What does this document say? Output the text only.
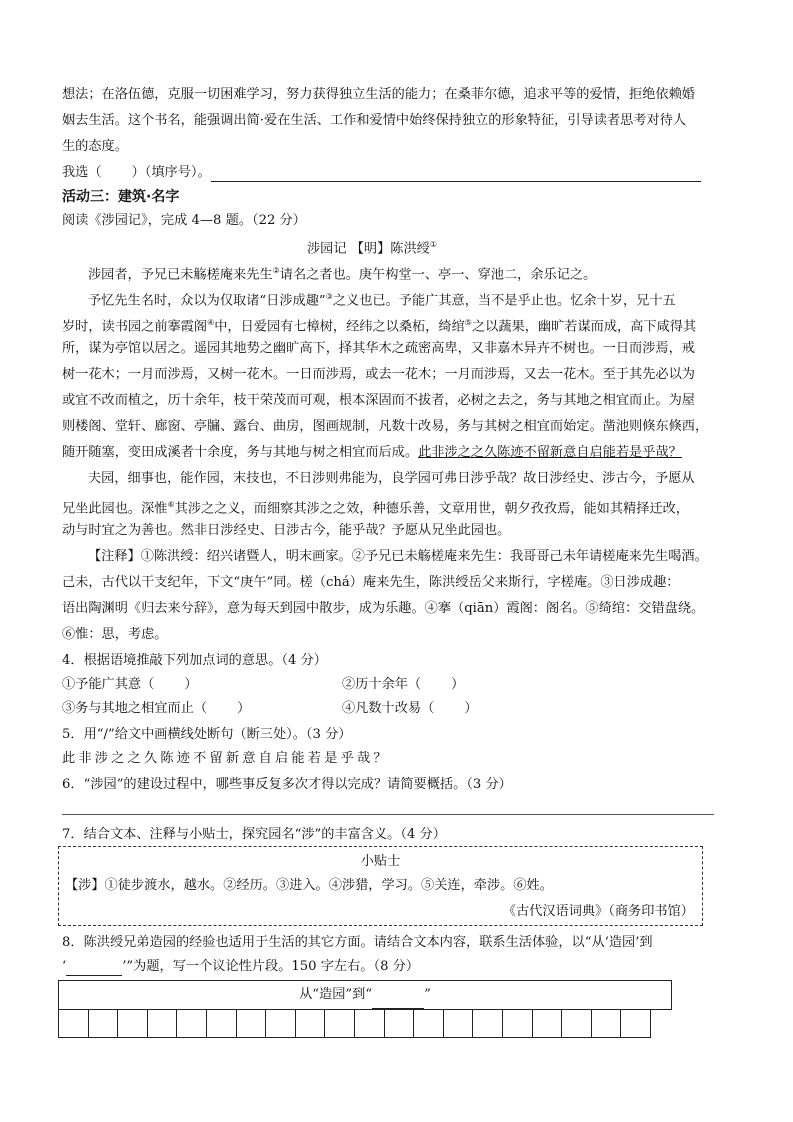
想法；在洛伍德，克服一切困难学习，努力获得独立生活的能力；在桑菲尔德，追求平等的爱情，拒绝依赖婚
姻去生活。这个书名，能强调出简·爱在生活、工作和爱情中始终保持独立的形象特征，引导读者思考对待人
生的态度。
我选（ ）（填序号）。
活动三：建筑·名字
阅读《涉园记》，完成 4—8 题。（22 分）
涉园记 【明】陈洪绶①
涉园者，予兄已未觞槎庵来先生②请名之者也。庚午构堂一、亭一、穿池二，余乐记之。
予忆先生名时，众以为仅取诸“日涉成趣”③之义也已。予能广其意，当不是乎止也。忆余十岁，兄十五
岁时，读书园之前搴霞阁④中，日爱园有七樟树，经纬之以桑柘，绮绾⑤之以蔬果，幽旷若谋而成，高下咸得其
所，谋为亭馆以居之。遥园其地势之幽旷高下，择其华木之疏密高卑，又非嘉木异卉不树也。一日而涉焉，戒
树一花木；一月而涉焉，又树一花木。一日而涉焉，或去一花木；一月而涉焉，又去一花木。至于其先必以为
或宜不改而植之，历十余年，枝干荣茂而可观，根本深固而不拔者，必树之去之，务与其地之相宜而止。为屋
则楼阁、堂轩、廊窗、亭牖、露台、曲房，图画规制，凡数十改易，务与其树之相宜而始定。凿池则倏东倏西，
随开随塞，变田成溪者十余度，务与其地与树之相宜而后成。此非涉之之久陈迹不留新意自启能若是乎哉？
夫园，细事也，能作园，末技也，不日涉则弗能为，良学园可弗日涉乎哉？故日涉经史、涉古今，予愿从
兄坐此园也。深惟⑥其涉之之义，而细察其涉之之效，种德乐善，文章用世，朝夕孜孜焉，能如其精择迁改，
动与时宜之为善也。然非日涉经史、日涉古今，能乎哉？予愿从兄坐此园也。
【注释】①陈洪绶：绍兴诸暨人，明末画家。②予兄已未觞槎庵来先生：我哥哥己未年请槎庵来先生喝酒。
己未，古代以干支纪年，下文“庚午”同。槎（chá）庵来先生，陈洪绶岳父来斯行，字槎庵。③日涉成趣：
语出陶渊明《归去来兮辞》，意为每天到园中散步，成为乐趣。④搴（qiān）霞阁：阁名。⑤绮绾：交错盘绕。
⑥惟：思，考虑。
4．根据语境推敲下列加点词的意思。（4 分）
①予能广其意（ ）	②历十余年（ ）
③务与其地之相宜而止（ ）	④凡数十改易（ ）
5．用“/”给文中画横线处断句（断三处）。（3 分）
此非涉之之久陈迹不留新意自启能若是乎哉？
6．“涉园”的建设过程中，哪些事反复多次才得以完成？请简要概括。（3 分）
7．结合文本、注释与小贴士，探究园名“涉”的丰富含义。（4 分）
小贴士
【涉】①徒步渡水，越水。②经历。③进入。④涉猎，学习。⑤关连，牵涉。⑥姓。
《古代汉语词典》（商务印书馆）
8．陈洪绶兄弟造园的经验也适用于生活的其它方面。请结合文本内容，联系生活体验，以“从‘造园’到
‘	’”为题，写一个议论性片段。150 字左右。（8 分）
从“造园”到“	”
